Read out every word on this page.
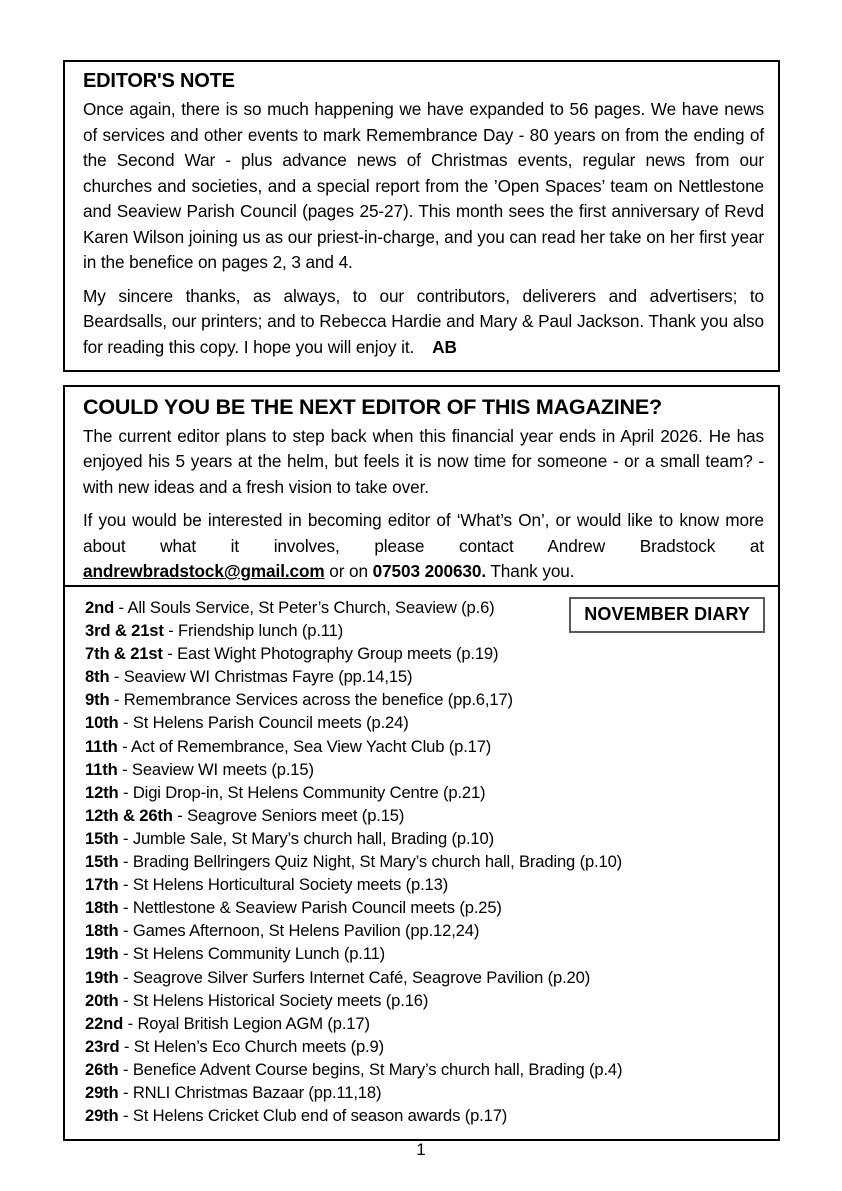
EDITOR'S NOTE

Once again, there is so much happening we have expanded to 56 pages. We have news of services and other events to mark Remembrance Day - 80 years on from the ending of the Second War - plus advance news of Christmas events, regular news from our churches and societies, and a special report from the ’Open Spaces’ team on Nettlestone and Seaview Parish Council (pages 25-27). This month sees the first anniversary of Revd Karen Wilson joining us as our priest-in-charge, and you can read her take on her first year in the benefice on pages 2, 3 and 4.

My sincere thanks, as always, to our contributors, deliverers and advertisers; to Beardsalls, our printers; and to Rebecca Hardie and Mary & Paul Jackson. Thank you also for reading this copy. I hope you will enjoy it. AB

COULD YOU BE THE NEXT EDITOR OF THIS MAGAZINE?

The current editor plans to step back when this financial year ends in April 2026. He has enjoyed his 5 years at the helm, but feels it is now time for someone - or a small team? - with new ideas and a fresh vision to take over.

If you would be interested in becoming editor of ‘What’s On’, or would like to know more about what it involves, please contact Andrew Bradstock at andrewbradstock@gmail.com or on 07503 200630. Thank you.

NOVEMBER DIARY
2nd - All Souls Service, St Peter’s Church, Seaview (p.6)
3rd & 21st - Friendship lunch (p.11)
7th & 21st - East Wight Photography Group meets (p.19)
8th - Seaview WI Christmas Fayre (pp.14,15)
9th - Remembrance Services across the benefice (pp.6,17)
10th - St Helens Parish Council meets (p.24)
11th - Act of Remembrance, Sea View Yacht Club (p.17)
11th - Seaview WI meets (p.15)
12th - Digi Drop-in, St Helens Community Centre (p.21)
12th & 26th - Seagrove Seniors meet (p.15)
15th - Jumble Sale, St Mary’s church hall, Brading (p.10)
15th - Brading Bellringers Quiz Night, St Mary’s church hall, Brading (p.10)
17th - St Helens Horticultural Society meets (p.13)
18th - Nettlestone & Seaview Parish Council meets (p.25)
18th - Games Afternoon, St Helens Pavilion (pp.12,24)
19th - St Helens Community Lunch (p.11)
19th - Seagrove Silver Surfers Internet Café, Seagrove Pavilion (p.20)
20th - St Helens Historical Society meets (p.16)
22nd - Royal British Legion AGM (p.17)
23rd - St Helen’s Eco Church meets (p.9)
26th - Benefice Advent Course begins, St Mary’s church hall, Brading (p.4)
29th - RNLI Christmas Bazaar (pp.11,18)
29th - St Helens Cricket Club end of season awards (p.17)
1
